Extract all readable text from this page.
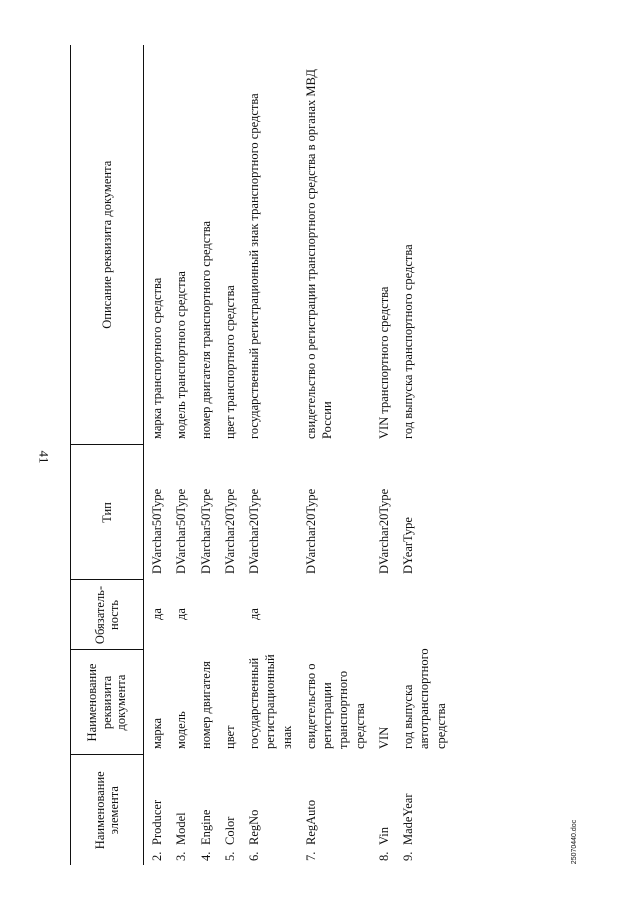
41
25070440.doc
Наименование элемента	Наименование реквизита документа	Обязатель- ность	Тип	Описание реквизита документа
2.Producer	марка	да	DVarchar50Type	марка транспортного средства
3.Model	модель	да	DVarchar50Type	модель транспортного средства
4.Engine	номер двигателя		DVarchar50Type	номер двигателя транспортного средства
5.Color	цвет		DVarchar20Type	цвет транспортного средства
6.RegNo	государственный регистрационный знак	да	DVarchar20Type	государственный регистрационный знак транспортного средства
7.RegAuto	свидетельство о регистрации транспортного средства		DVarchar20Type	свидетельство о регистрации транспортного средства в органах МВД России
8.Vin	VIN		DVarchar20Type	VIN транспортного средства
9.MadeYear	год выпуска автотранспортного средства		DYearType	год выпуска транспортного средства
